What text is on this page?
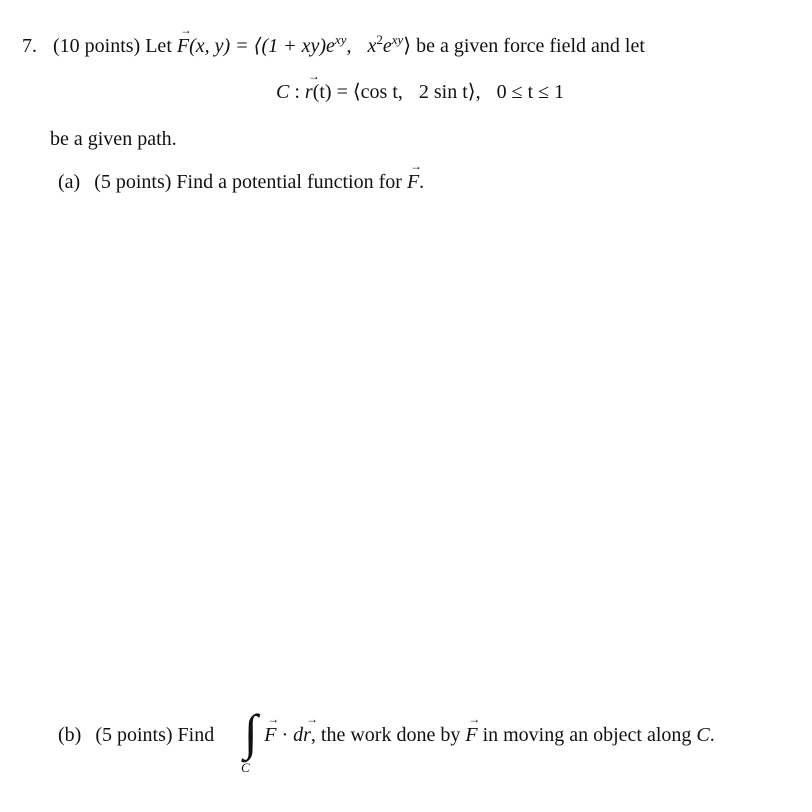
7. (10 points) Let → F(x, y) = ⟨(1 + $xy)e^{xy}$, $x^2e^{xy}⟩$ be a given force field and let
C : → r(t) = ⟨cos t, 2 sin t⟩, 0 ≤ t ≤ 1
be a given path.
(a) (5 points) Find a potential function for → F.
(b) (5 points) Find	→ F · d→ r, the work done by → F in moving an object along C.
∫
C
